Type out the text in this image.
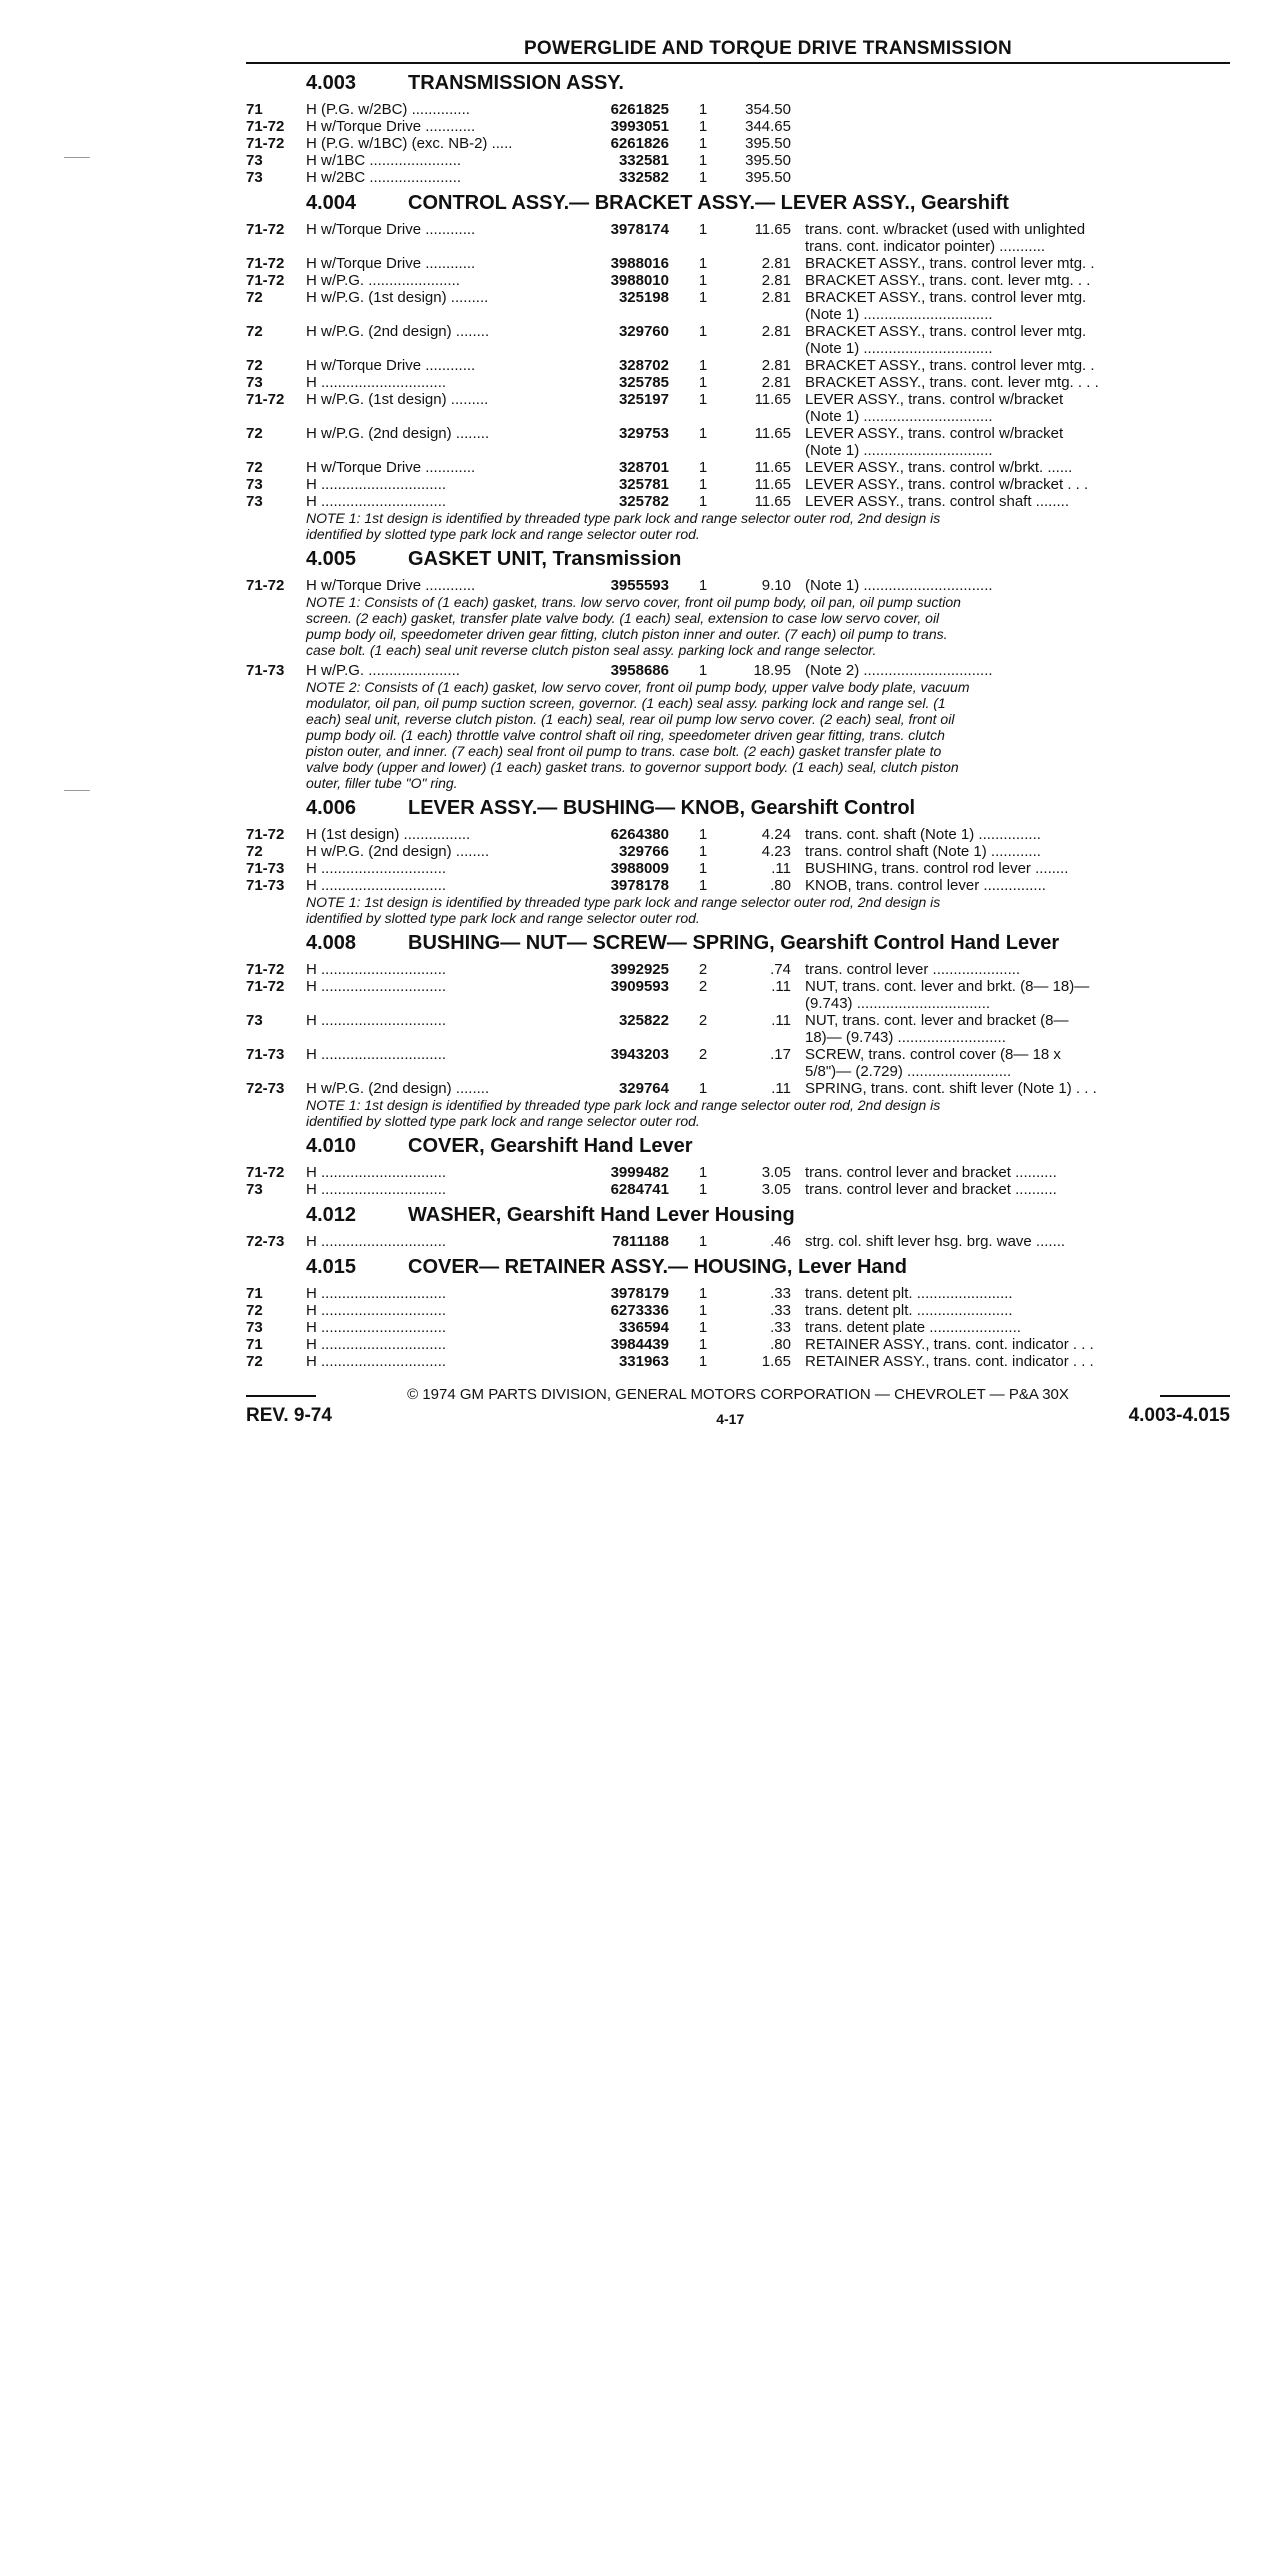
POWERGLIDE AND TORQUE DRIVE TRANSMISSION
4.003	TRANSMISSION ASSY.
71	H (P.G. w/2BC) ..............	6261825	1	354.50
71-72	H w/Torque Drive ............	3993051	1	344.65
71-72	H (P.G. w/1BC) (exc. NB-2) .....	6261826	1	395.50
73	H w/1BC ......................	332581	1	395.50
73	H w/2BC ......................	332582	1	395.50
4.004	CONTROL ASSY.— BRACKET ASSY.— LEVER ASSY., Gearshift
71-72	H w/Torque Drive ............	3978174	1	11.65 trans. cont. w/bracket (used with unlighted
trans. cont. indicator pointer) ...........
71-72	H w/Torque Drive ............	3988016	1	2.81 BRACKET ASSY., trans. control lever mtg. .
71-72	H w/P.G. ......................	3988010	1	2.81 BRACKET ASSY., trans. cont. lever mtg. . .
72	H w/P.G. (1st design) .........	325198	1	2.81 BRACKET ASSY., trans. control lever mtg.
(Note 1) ...............................
72	H w/P.G. (2nd design) ........	329760	1	2.81 BRACKET ASSY., trans. control lever mtg.
(Note 1) ...............................
72	H w/Torque Drive ............	328702	1	2.81 BRACKET ASSY., trans. control lever mtg. .
73	H ..............................	325785	1	2.81 BRACKET ASSY., trans. cont. lever mtg. . . .
71-72	H w/P.G. (1st design) .........	325197	1	11.65 LEVER ASSY., trans. control w/bracket
(Note 1) ...............................
72	H w/P.G. (2nd design) ........	329753	1	11.65 LEVER ASSY., trans. control w/bracket
(Note 1) ...............................
72	H w/Torque Drive ............	328701	1	11.65 LEVER ASSY., trans. control w/brkt. ......
73	H ..............................	325781	1	11.65 LEVER ASSY., trans. control w/bracket . . .
73	H ..............................	325782	1	11.65 LEVER ASSY., trans. control shaft ........
NOTE 1: 1st design is identified by threaded type park lock and range selector outer rod, 2nd design is
identified by slotted type park lock and range selector outer rod.
4.005	GASKET UNIT, Transmission
71-72	H w/Torque Drive ............	3955593	1	9.10 (Note 1) ...............................
NOTE 1: Consists of (1 each) gasket, trans. low servo cover, front oil pump body, oil pan, oil pump suction
screen. (2 each) gasket, transfer plate valve body. (1 each) seal, extension to case low servo cover, oil
pump body oil, speedometer driven gear fitting, clutch piston inner and outer. (7 each) oil pump to trans.
case bolt. (1 each) seal unit reverse clutch piston seal assy. parking lock and range selector.
71-73	H w/P.G. ......................	3958686	1	18.95 (Note 2) ...............................
NOTE 2: Consists of (1 each) gasket, low servo cover, front oil pump body, upper valve body plate, vacuum
modulator, oil pan, oil pump suction screen, governor. (1 each) seal assy. parking lock and range sel. (1
each) seal unit, reverse clutch piston. (1 each) seal, rear oil pump low servo cover. (2 each) seal, front oil
pump body oil. (1 each) throttle valve control shaft oil ring, speedometer driven gear fitting, trans. clutch
piston outer, and inner. (7 each) seal front oil pump to trans. case bolt. (2 each) gasket transfer plate to
valve body (upper and lower) (1 each) gasket trans. to governor support body. (1 each) seal, clutch piston
outer, filler tube "O" ring.
4.006	LEVER ASSY.— BUSHING— KNOB, Gearshift Control
71-72	H (1st design) ................	6264380	1	4.24 trans. cont. shaft (Note 1) ...............
72	H w/P.G. (2nd design) ........	329766	1	4.23 trans. control shaft (Note 1) ............
71-73	H ..............................	3988009	1	.11 BUSHING, trans. control rod lever ........
71-73	H ..............................	3978178	1	.80 KNOB, trans. control lever ...............
NOTE 1: 1st design is identified by threaded type park lock and range selector outer rod, 2nd design is
identified by slotted type park lock and range selector outer rod.
4.008	BUSHING— NUT— SCREW— SPRING, Gearshift Control Hand Lever
71-72	H ..............................	3992925	2	.74 trans. control lever .....................
71-72	H ..............................	3909593	2	.11 NUT, trans. cont. lever and brkt. (8— 18)—
(9.743) ................................
73	H ..............................	325822	2	.11 NUT, trans. cont. lever and bracket (8—
18)— (9.743) ..........................
71-73	H ..............................	3943203	2	.17 SCREW, trans. control cover (8— 18 x
5/8")— (2.729) .........................
72-73	H w/P.G. (2nd design) ........	329764	1	.11 SPRING, trans. cont. shift lever (Note 1) . . .
NOTE 1: 1st design is identified by threaded type park lock and range selector outer rod, 2nd design is
identified by slotted type park lock and range selector outer rod.
4.010	COVER, Gearshift Hand Lever
71-72	H ..............................	3999482	1	3.05 trans. control lever and bracket ..........
73	H ..............................	6284741	1	3.05 trans. control lever and bracket ..........
4.012	WASHER, Gearshift Hand Lever Housing
72-73	H ..............................	7811188	1	.46 strg. col. shift lever hsg. brg. wave .......
4.015	COVER— RETAINER ASSY.— HOUSING, Lever Hand
71	H ..............................	3978179	1	.33 trans. detent plt. .......................
72	H ..............................	6273336	1	.33 trans. detent plt. .......................
73	H ..............................	336594	1	.33 trans. detent plate ......................
71	H ..............................	3984439	1	.80 RETAINER ASSY., trans. cont. indicator . . .
72	H ..............................	331963	1	1.65 RETAINER ASSY., trans. cont. indicator . . .
© 1974 GM PARTS DIVISION, GENERAL MOTORS CORPORATION — CHEVROLET — P&A 30X
REV. 9-74	4-17	4.003-4.015
